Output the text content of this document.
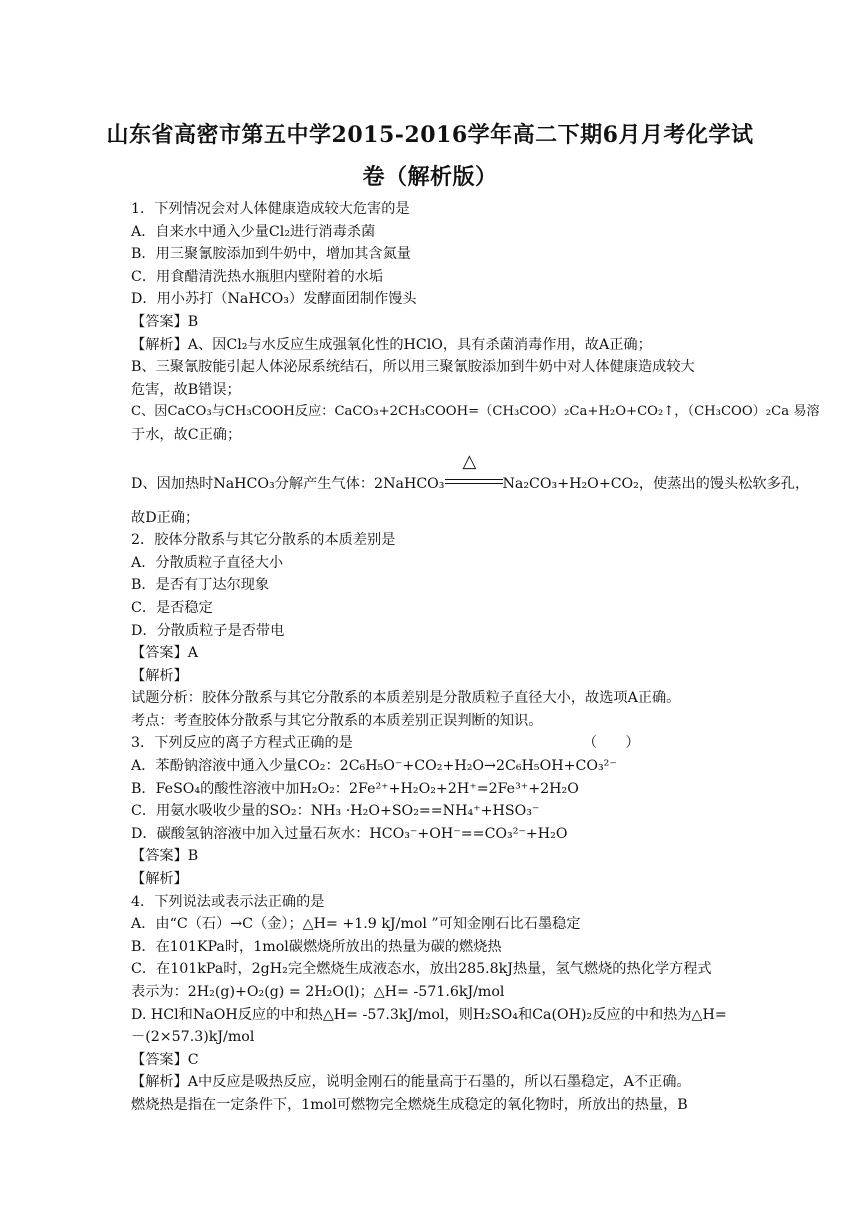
山东省高密市第五中学2015-2016学年高二下期6月月考化学试
卷（解析版）
1．下列情况会对人体健康造成较大危害的是
A．自来水中通入少量Cl₂进行消毒杀菌
B．用三聚氰胺添加到牛奶中，增加其含氮量
C．用食醋清洗热水瓶胆内壁附着的水垢
D．用小苏打（NaHCO₃）发酵面团制作馒头
【答案】B
【解析】A、因Cl₂与水反应生成强氧化性的HClO，具有杀菌消毒作用，故A正确；
B、三聚氰胺能引起人体泌尿系统结石，所以用三聚氰胺添加到牛奶中对人体健康造成较大
危害，故B错误；
C、因CaCO₃与CH₃COOH反应：CaCO₃+2CH₃COOH=（CH₃COO）₂Ca+H₂O+CO₂↑，（CH₃COO）₂Ca 易溶
于水，故C正确；
D、因加热时NaHCO₃分解产生气体：2NaHCO₃
△
Na₂CO₃+H₂O+CO₂，使蒸出的馒头松软多孔，
故D正确；
2．胶体分散系与其它分散系的本质差别是
A．分散质粒子直径大小
B．是否有丁达尔现象
C．是否稳定
D．分散质粒子是否带电
【答案】A
【解析】
试题分析：胶体分散系与其它分散系的本质差别是分散质粒子直径大小，故选项A正确。
考点：考查胶体分散系与其它分散系的本质差别正误判断的知识。
3．下列反应的离子方程式正确的是	（　　）
A．苯酚钠溶液中通入少量CO₂：2C₆H₅O⁻+CO₂+H₂O→2C₆H₅OH+CO₃²⁻
B．FeSO₄的酸性溶液中加H₂O₂：2Fe²⁺+H₂O₂+2H⁺=2Fe³⁺+2H₂O
C．用氨水吸收少量的SO₂：NH₃ ·H₂O+SO₂==NH₄⁺+HSO₃⁻
D．碳酸氢钠溶液中加入过量石灰水：HCO₃⁻+OH⁻==CO₃²⁻+H₂O
【答案】B
【解析】
4．下列说法或表示法正确的是
A．由“C（石）→C（金）；△H= +1.9 kJ/mol ”可知金刚石比石墨稳定
B．在101KPa时，1mol碳燃烧所放出的热量为碳的燃烧热
C．在101kPa时，2gH₂完全燃烧生成液态水，放出285.8kJ热量，氢气燃烧的热化学方程式
表示为：2H₂(g)+O₂(g) = 2H₂O(l)；△H= -571.6kJ/mol
D. HCl和NaOH反应的中和热△H= -57.3kJ/mol，则H₂SO₄和Ca(OH)₂反应的中和热为△H=
－(2×57.3)kJ/mol
【答案】C
【解析】A中反应是吸热反应，说明金刚石的能量高于石墨的，所以石墨稳定，A不正确。
燃烧热是指在一定条件下，1mol可燃物完全燃烧生成稳定的氧化物时，所放出的热量，B
